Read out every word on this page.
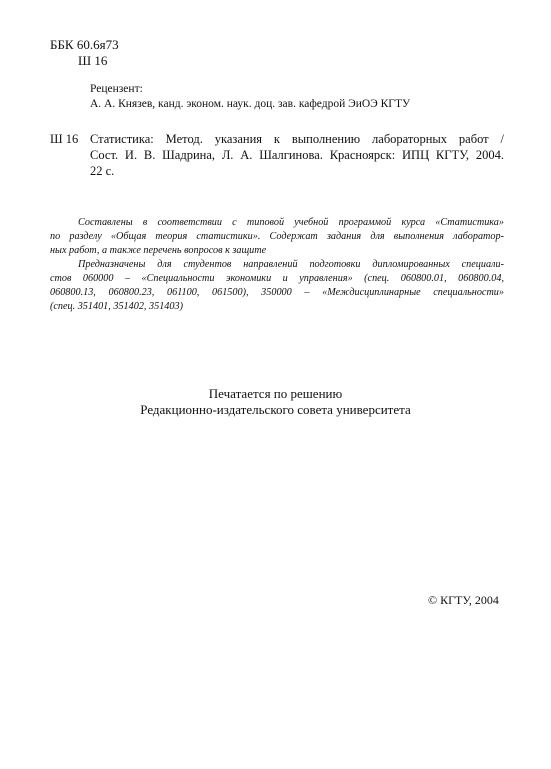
ББК 60.6я73

Ш 16

Рецензент:

А. А. Князев, канд. эконом. наук. доц. зав. кафедрой ЭиОЭ КГТУ

Ш 16 Статистика: Метод. указания к выполнению лабораторных работ /
Сост. И. В. Шадрина, Л. А. Шалгинова. Красноярск: ИПЦ КГТУ, 2004.
22 с.
Составлены в соответствии с типовой учебной программой курса «Статистика»
по разделу «Общая теория статистики». Содержат задания для выполнения лаборатор-
ных работ, а также перечень вопросов к защите
Предназначены для студентов направлений подготовки дипломированных специали-
стов 060000 – «Специальности экономики и управления» (спец. 060800.01, 060800.04,
060800.13, 060800.23, 061100, 061500), 350000 – «Междисциплинарные специальности»
(спец. 351401, 351402, 351403)
Печатается по решению
Редакционно-издательского совета университета

© КГТУ, 2004
